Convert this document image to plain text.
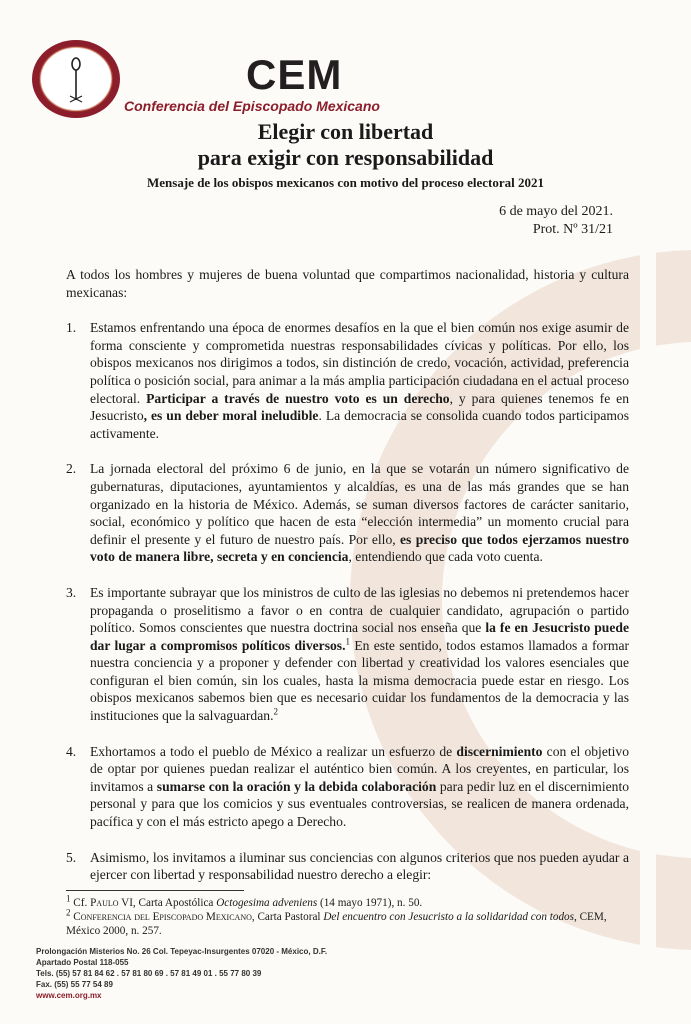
CEM
Conferencia del Episcopado Mexicano
Elegir con libertad
para exigir con responsabilidad
Mensaje de los obispos mexicanos con motivo del proceso electoral 2021
6 de mayo del 2021.
Prot. Nº 31/21

A todos los hombres y mujeres de buena voluntad que compartimos nacionalidad, historia y cultura mexicanas:

1.	Estamos enfrentando una época de enormes desafíos en la que el bien común nos exige asumir de forma consciente y comprometida nuestras responsabilidades cívicas y políticas. Por ello, los obispos mexicanos nos dirigimos a todos, sin distinción de credo, vocación, actividad, preferencia política o posición social, para animar a la más amplia participación ciudadana en el actual proceso electoral. Participar a través de nuestro voto es un derecho, y para quienes tenemos fe en Jesucristo, es un deber moral ineludible. La democracia se consolida cuando todos participamos activamente.
2.	La jornada electoral del próximo 6 de junio, en la que se votarán un número significativo de gubernaturas, diputaciones, ayuntamientos y alcaldías, es una de las más grandes que se han organizado en la historia de México. Además, se suman diversos factores de carácter sanitario, social, económico y político que hacen de esta “elección intermedia” un momento crucial para definir el presente y el futuro de nuestro país. Por ello, es preciso que todos ejerzamos nuestro voto de manera libre, secreta y en conciencia, entendiendo que cada voto cuenta.
3.	Es importante subrayar que los ministros de culto de las iglesias no debemos ni pretendemos hacer propaganda o proselitismo a favor o en contra de cualquier candidato, agrupación o partido político. Somos conscientes que nuestra doctrina social nos enseña que la fe en Jesucristo puede dar lugar a compromisos políticos diversos.$^1$ En este sentido, todos estamos llamados a formar nuestra conciencia y a proponer y defender con libertad y creatividad los valores esenciales que configuran el bien común, sin los cuales, hasta la misma democracia puede estar en riesgo. Los obispos mexicanos sabemos bien que es necesario cuidar los fundamentos de la democracia y las instituciones que la salvaguardan.$^2$
4.	Exhortamos a todo el pueblo de México a realizar un esfuerzo de discernimiento con el objetivo de optar por quienes puedan realizar el auténtico bien común. A los creyentes, en particular, los invitamos a sumarse con la oración y la debida colaboración para pedir luz en el discernimiento personal y para que los comicios y sus eventuales controversias, se realicen de manera ordenada, pacífica y con el más estricto apego a Derecho.
5.	Asimismo, los invitamos a iluminar sus conciencias con algunos criterios que nos pueden ayudar a ejercer con libertad y responsabilidad nuestro derecho a elegir:

$^1$ Cf. Paulo VI, Carta Apostólica Octogesima adveniens (14 mayo 1971), n. 50.

$^2$ Conferencia del Episcopado Mexicano, Carta Pastoral Del encuentro con Jesucristo a la solidaridad con todos, CEM, México 2000, n. 257.

Prolongación Misterios No. 26 Col. Tepeyac-Insurgentes 07020 - México, D.F.
Apartado Postal 118-055
Tels. (55) 57 81 84 62 . 57 81 80 69 . 57 81 49 01 . 55 77 80 39
Fax. (55) 55 77 54 89
www.cem.org.mx
